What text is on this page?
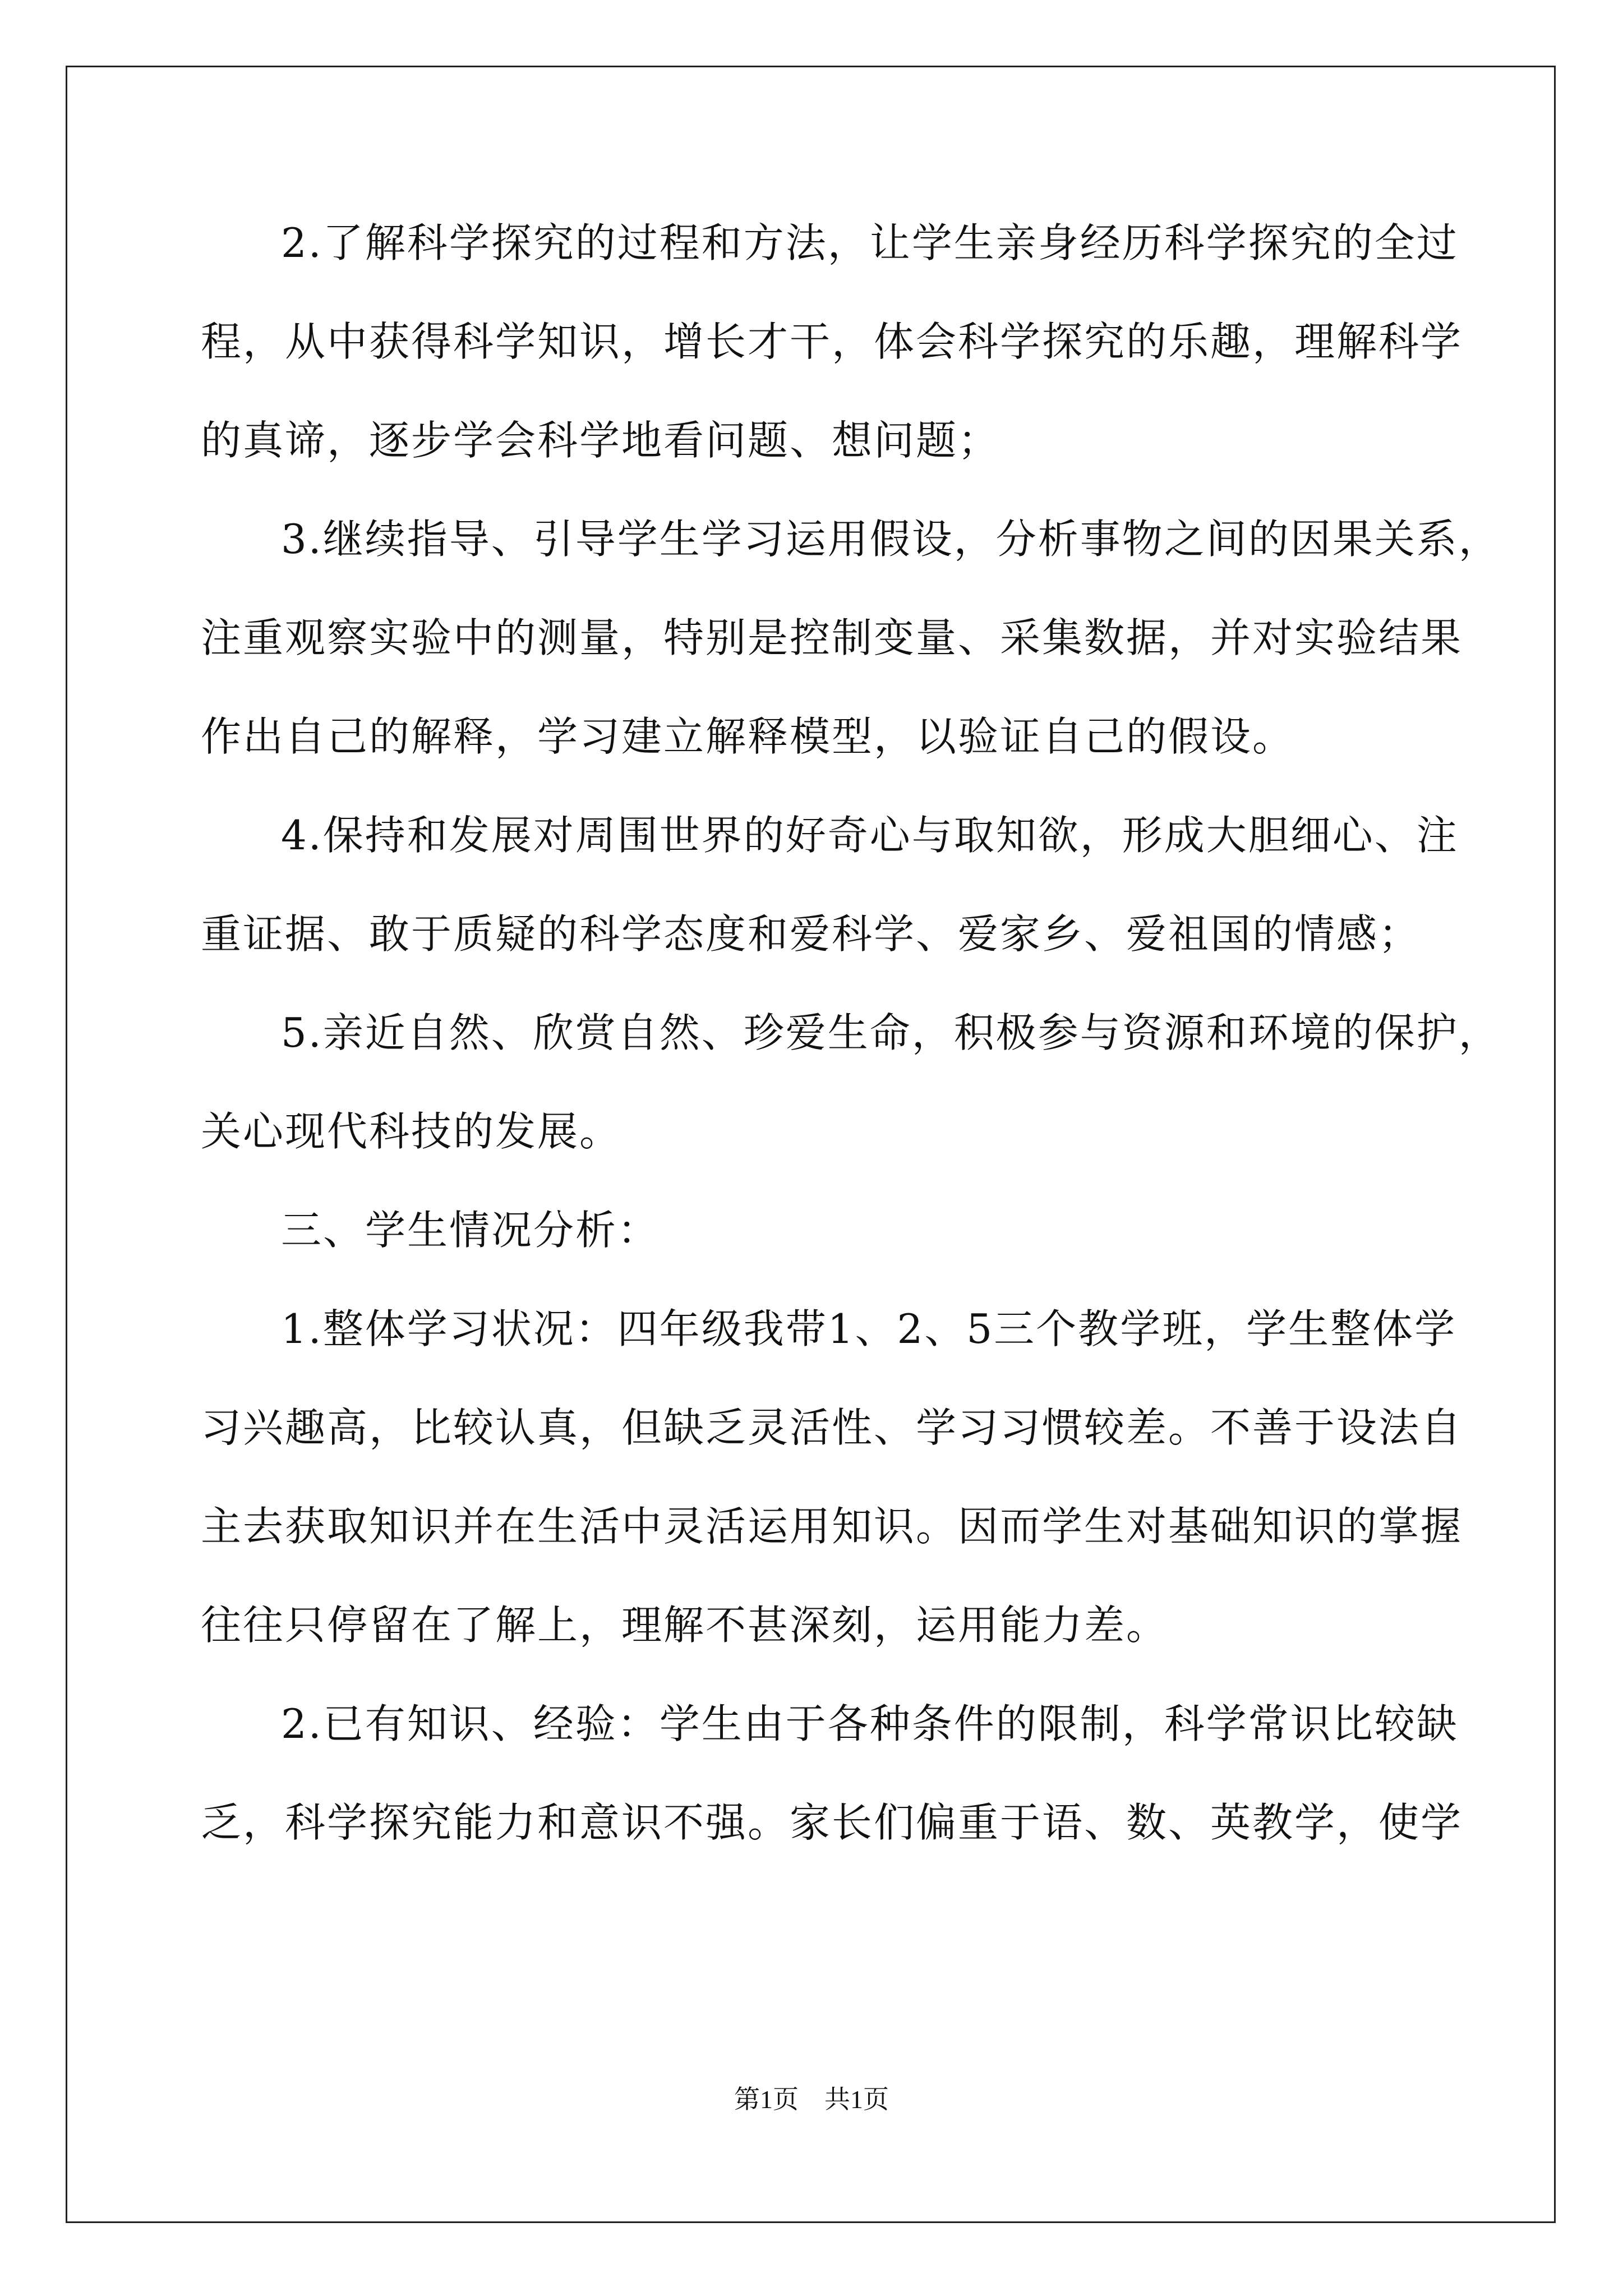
2.了解科学探究的过程和方法，让学生亲身经历科学探究的全过

程，从中获得科学知识，增长才干，体会科学探究的乐趣，理解科学

的真谛，逐步学会科学地看问题、想问题；

3.继续指导、引导学生学习运用假设，分析事物之间的因果关系，

注重观察实验中的测量，特别是控制变量、采集数据，并对实验结果

作出自己的解释，学习建立解释模型，以验证自己的假设。

4.保持和发展对周围世界的好奇心与取知欲，形成大胆细心、注

重证据、敢于质疑的科学态度和爱科学、爱家乡、爱祖国的情感；

5.亲近自然、欣赏自然、珍爱生命，积极参与资源和环境的保护，

关心现代科技的发展。

三、学生情况分析：

1.整体学习状况：四年级我带1、2、5三个教学班，学生整体学

习兴趣高，比较认真，但缺乏灵活性、学习习惯较差。不善于设法自

主去获取知识并在生活中灵活运用知识。因而学生对基础知识的掌握

往往只停留在了解上，理解不甚深刻，运用能力差。

2.已有知识、经验：学生由于各种条件的限制，科学常识比较缺

乏，科学探究能力和意识不强。家长们偏重于语、数、英教学，使学

第1页　共1页
